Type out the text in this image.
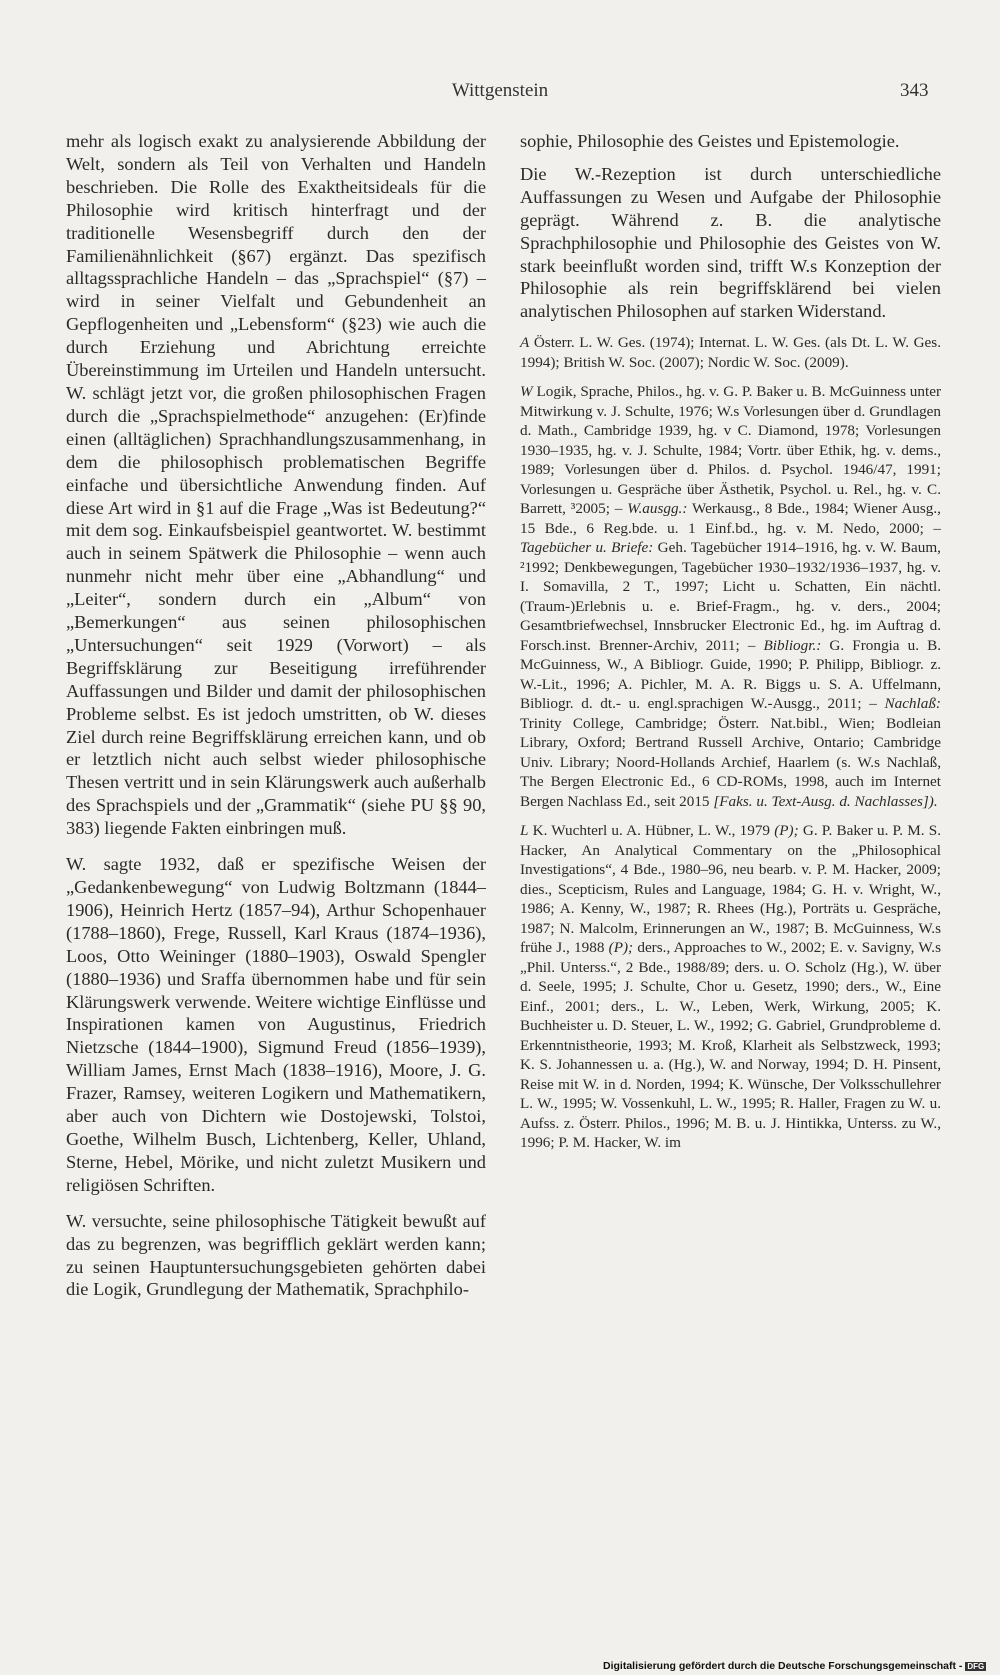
Wittgenstein	343

mehr als logisch exakt zu analysierende Abbildung der Welt, sondern als Teil von Verhalten und Handeln beschrieben. Die Rolle des Exaktheitsideals für die Philosophie wird kritisch hinterfragt und der traditionelle Wesensbegriff durch den der Familienähnlichkeit (§67) ergänzt. Das spezifisch alltagssprachliche Handeln – das „Sprachspiel“ (§7) – wird in seiner Vielfalt und Gebundenheit an Gepflogenheiten und „Lebensform“ (§23) wie auch die durch Erziehung und Abrichtung erreichte Übereinstimmung im Urteilen und Handeln untersucht. W. schlägt jetzt vor, die großen philosophischen Fragen durch die „Sprachspielmethode“ anzugehen: (Er)finde einen (alltäglichen) Sprachhandlungszusammenhang, in dem die philosophisch problematischen Begriffe einfache und übersichtliche Anwendung finden. Auf diese Art wird in §1 auf die Frage „Was ist Bedeutung?“ mit dem sog. Einkaufsbeispiel geantwortet. W. bestimmt auch in seinem Spätwerk die Philosophie – wenn auch nunmehr nicht mehr über eine „Abhandlung“ und „Leiter“, sondern durch ein „Album“ von „Bemerkungen“ aus seinen philosophischen „Untersuchungen“ seit 1929 (Vorwort) – als Begriffsklärung zur Beseitigung irreführender Auffassungen und Bilder und damit der philosophischen Probleme selbst. Es ist jedoch umstritten, ob W. dieses Ziel durch reine Begriffsklärung erreichen kann, und ob er letztlich nicht auch selbst wieder philosophische Thesen vertritt und in sein Klärungswerk auch außerhalb des Sprachspiels und der „Grammatik“ (siehe PU §§ 90, 383) liegende Fakten einbringen muß.

W. sagte 1932, daß er spezifische Weisen der „Gedankenbewegung“ von Ludwig Boltzmann (1844–1906), Heinrich Hertz (1857–94), Arthur Schopenhauer (1788–1860), Frege, Russell, Karl Kraus (1874–1936), Loos, Otto Weininger (1880–1903), Oswald Spengler (1880–1936) und Sraffa übernommen habe und für sein Klärungswerk verwende. Weitere wichtige Einflüsse und Inspirationen kamen von Augustinus, Friedrich Nietzsche (1844–1900), Sigmund Freud (1856–1939), William James, Ernst Mach (1838–1916), Moore, J. G. Frazer, Ramsey, weiteren Logikern und Mathematikern, aber auch von Dichtern wie Dostojewski, Tolstoi, Goethe, Wilhelm Busch, Lichtenberg, Keller, Uhland, Sterne, Hebel, Mörike, und nicht zuletzt Musikern und religiösen Schriften.

W. versuchte, seine philosophische Tätigkeit bewußt auf das zu begrenzen, was begrifflich geklärt werden kann; zu seinen Hauptuntersuchungsgebieten gehörten dabei die Logik, Grundlegung der Mathematik, Sprachphilo-

sophie, Philosophie des Geistes und Epistemologie.

Die W.-Rezeption ist durch unterschiedliche Auffassungen zu Wesen und Aufgabe der Philosophie geprägt. Während z. B. die analytische Sprachphilosophie und Philosophie des Geistes von W. stark beeinflußt worden sind, trifft W.s Konzeption der Philosophie als rein begriffsklärend bei vielen analytischen Philosophen auf starken Widerstand.

A Österr. L. W. Ges. (1974); Internat. L. W. Ges. (als Dt. L. W. Ges. 1994); British W. Soc. (2007); Nordic W. Soc. (2009).

W Logik, Sprache, Philos., hg. v. G. P. Baker u. B. McGuinness unter Mitwirkung v. J. Schulte, 1976; W.s Vorlesungen über d. Grundlagen d. Math., Cambridge 1939, hg. v C. Diamond, 1978; Vorlesungen 1930–1935, hg. v. J. Schulte, 1984; Vortr. über Ethik, hg. v. dems., 1989; Vorlesungen über d. Philos. d. Psychol. 1946/47, 1991; Vorlesungen u. Gespräche über Ästhetik, Psychol. u. Rel., hg. v. C. Barrett, ³2005; – W.ausgg.: Werkausg., 8 Bde., 1984; Wiener Ausg., 15 Bde., 6 Reg.bde. u. 1 Einf.bd., hg. v. M. Nedo, 2000; – Tagebücher u. Briefe: Geh. Tagebücher 1914–1916, hg. v. W. Baum, ²1992; Denkbewegungen, Tagebücher 1930–1932/1936–1937, hg. v. I. Somavilla, 2 T., 1997; Licht u. Schatten, Ein nächtl. (Traum-)Erlebnis u. e. Brief-Fragm., hg. v. ders., 2004; Gesamtbriefwechsel, Innsbrucker Electronic Ed., hg. im Auftrag d. Forsch.inst. Brenner-Archiv, 2011; – Bibliogr.: G. Frongia u. B. McGuinness, W., A Bibliogr. Guide, 1990; P. Philipp, Bibliogr. z. W.-Lit., 1996; A. Pichler, M. A. R. Biggs u. S. A. Uffelmann, Bibliogr. d. dt.- u. engl.sprachigen W.-Ausgg., 2011; – Nachlaß: Trinity College, Cambridge; Österr. Nat.bibl., Wien; Bodleian Library, Oxford; Bertrand Russell Archive, Ontario; Cambridge Univ. Library; Noord-Hollands Archief, Haarlem (s. W.s Nachlaß, The Bergen Electronic Ed., 6 CD-ROMs, 1998, auch im Internet Bergen Nachlass Ed., seit 2015 [Faks. u. Text-Ausg. d. Nachlasses]).

L K. Wuchterl u. A. Hübner, L. W., 1979 (P); G. P. Baker u. P. M. S. Hacker, An Analytical Commentary on the „Philosophical Investigations“, 4 Bde., 1980–96, neu bearb. v. P. M. Hacker, 2009; dies., Scepticism, Rules and Language, 1984; G. H. v. Wright, W., 1986; A. Kenny, W., 1987; R. Rhees (Hg.), Porträts u. Gespräche, 1987; N. Malcolm, Erinnerungen an W., 1987; B. McGuinness, W.s frühe J., 1988 (P); ders., Approaches to W., 2002; E. v. Savigny, W.s „Phil. Unterss.“, 2 Bde., 1988/89; ders. u. O. Scholz (Hg.), W. über d. Seele, 1995; J. Schulte, Chor u. Gesetz, 1990; ders., W., Eine Einf., 2001; ders., L. W., Leben, Werk, Wirkung, 2005; K. Buchheister u. D. Steuer, L. W., 1992; G. Gabriel, Grundprobleme d. Erkenntnistheorie, 1993; M. Kroß, Klarheit als Selbstzweck, 1993; K. S. Johannessen u. a. (Hg.), W. and Norway, 1994; D. H. Pinsent, Reise mit W. in d. Norden, 1994; K. Wünsche, Der Volksschullehrer L. W., 1995; W. Vossenkuhl, L. W., 1995; R. Haller, Fragen zu W. u. Aufss. z. Österr. Philos., 1996; M. B. u. J. Hintikka, Unterss. zu W., 1996; P. M. Hacker, W. im

Digitalisierung gefördert durch die Deutsche Forschungsgemeinschaft - DFG
